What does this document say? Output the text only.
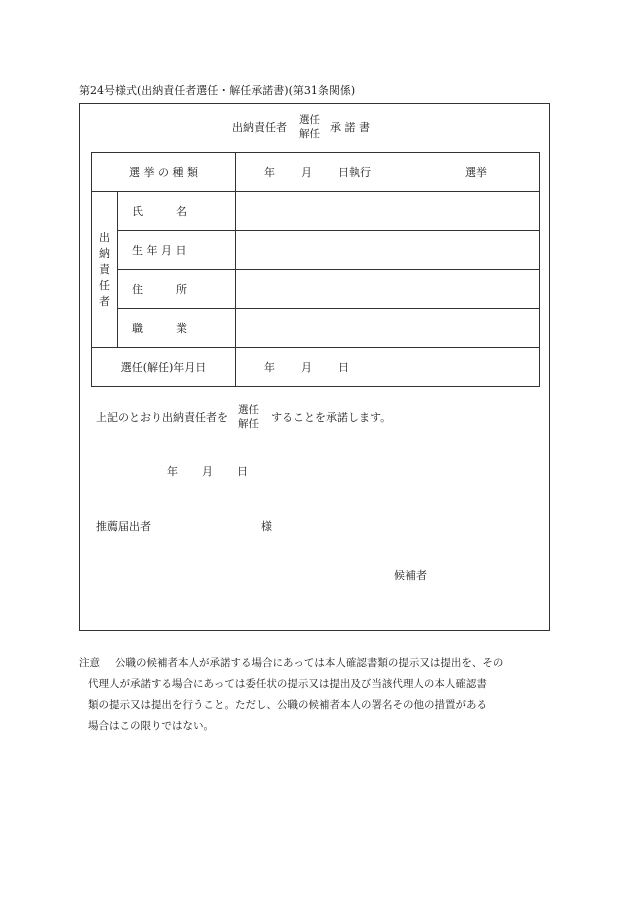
第24号様式(出納責任者選任・解任承諾書)(第31条関係)
出納責任者
選任
解任 承 諾 書
選 挙 の 種 類		年 月 日執行 選挙

出納責任者	氏　　　名	
	生 年 月 日	
	住　　　所	
	職　　　業	
選任(解任)年月日		年 月 日
上記のとおり出納責任者を
選任
解任 することを承諾します。
年 月 日
推薦届出者	様
候補者
注意 公職の候補者本人が承諾する場合にあっては本人確認書類の提示又は提出を、その
代理人が承諾する場合にあっては委任状の提示又は提出及び当該代理人の本人確認書
類の提示又は提出を行うこと。ただし、公職の候補者本人の署名その他の措置がある
場合はこの限りではない。
